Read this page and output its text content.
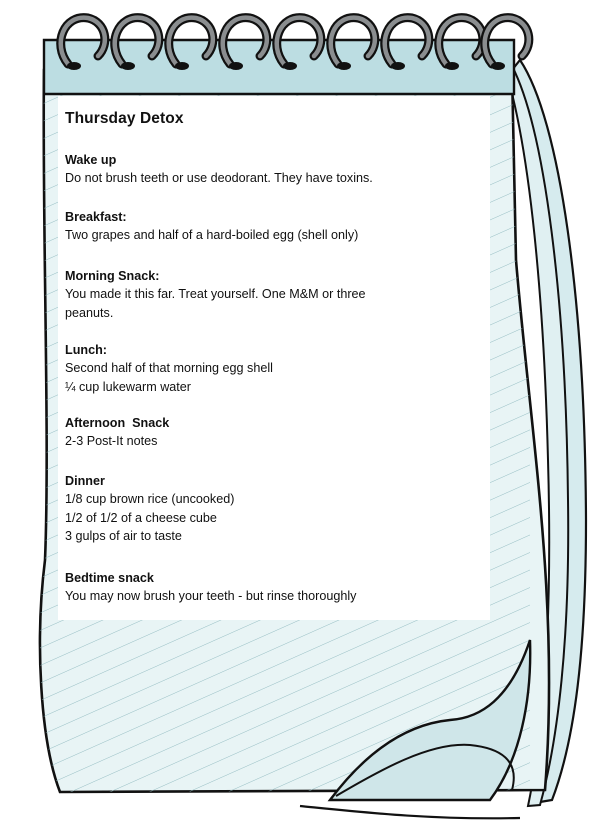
Thursday Detox
Wake up
Do not brush teeth or use deodorant. They have toxins.
Breakfast:
Two grapes and half of a hard-boiled egg (shell only)
Morning Snack:
You made it this far. Treat yourself. One M&M or three
peanuts.
Lunch:
Second half of that morning egg shell
¼ cup lukewarm water
Afternoon  Snack
2-3 Post-It notes
Dinner
1/8 cup brown rice (uncooked)
1/2 of 1/2 of a cheese cube
3 gulps of air to taste
Bedtime snack
You may now brush your teeth - but rinse thoroughly
